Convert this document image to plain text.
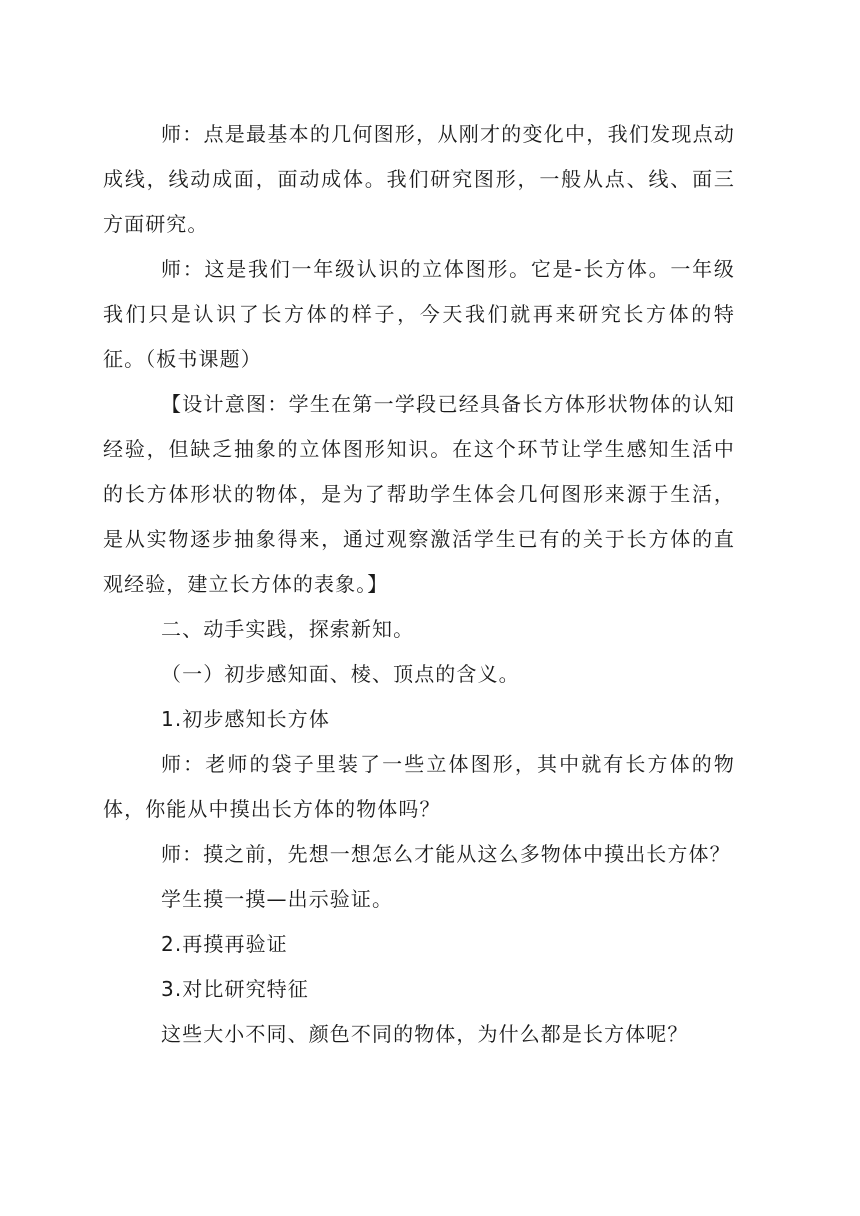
师：点是最基本的几何图形，从刚才的变化中，我们发现点动成线，线动成面，面动成体。我们研究图形，一般从点、线、面三方面研究。

师：这是我们一年级认识的立体图形。它是-长方体。一年级我们只是认识了长方体的样子，今天我们就再来研究长方体的特征。（板书课题）

【设计意图：学生在第一学段已经具备长方体形状物体的认知经验，但缺乏抽象的立体图形知识。在这个环节让学生感知生活中的长方体形状的物体，是为了帮助学生体会几何图形来源于生活，是从实物逐步抽象得来，通过观察激活学生已有的关于长方体的直观经验，建立长方体的表象。】

二、动手实践，探索新知。

（一）初步感知面、棱、顶点的含义。

1.初步感知长方体

师：老师的袋子里装了一些立体图形，其中就有长方体的物体，你能从中摸出长方体的物体吗？

师：摸之前，先想一想怎么才能从这么多物体中摸出长方体？

学生摸一摸—出示验证。

2.再摸再验证

3.对比研究特征

这些大小不同、颜色不同的物体，为什么都是长方体呢？
